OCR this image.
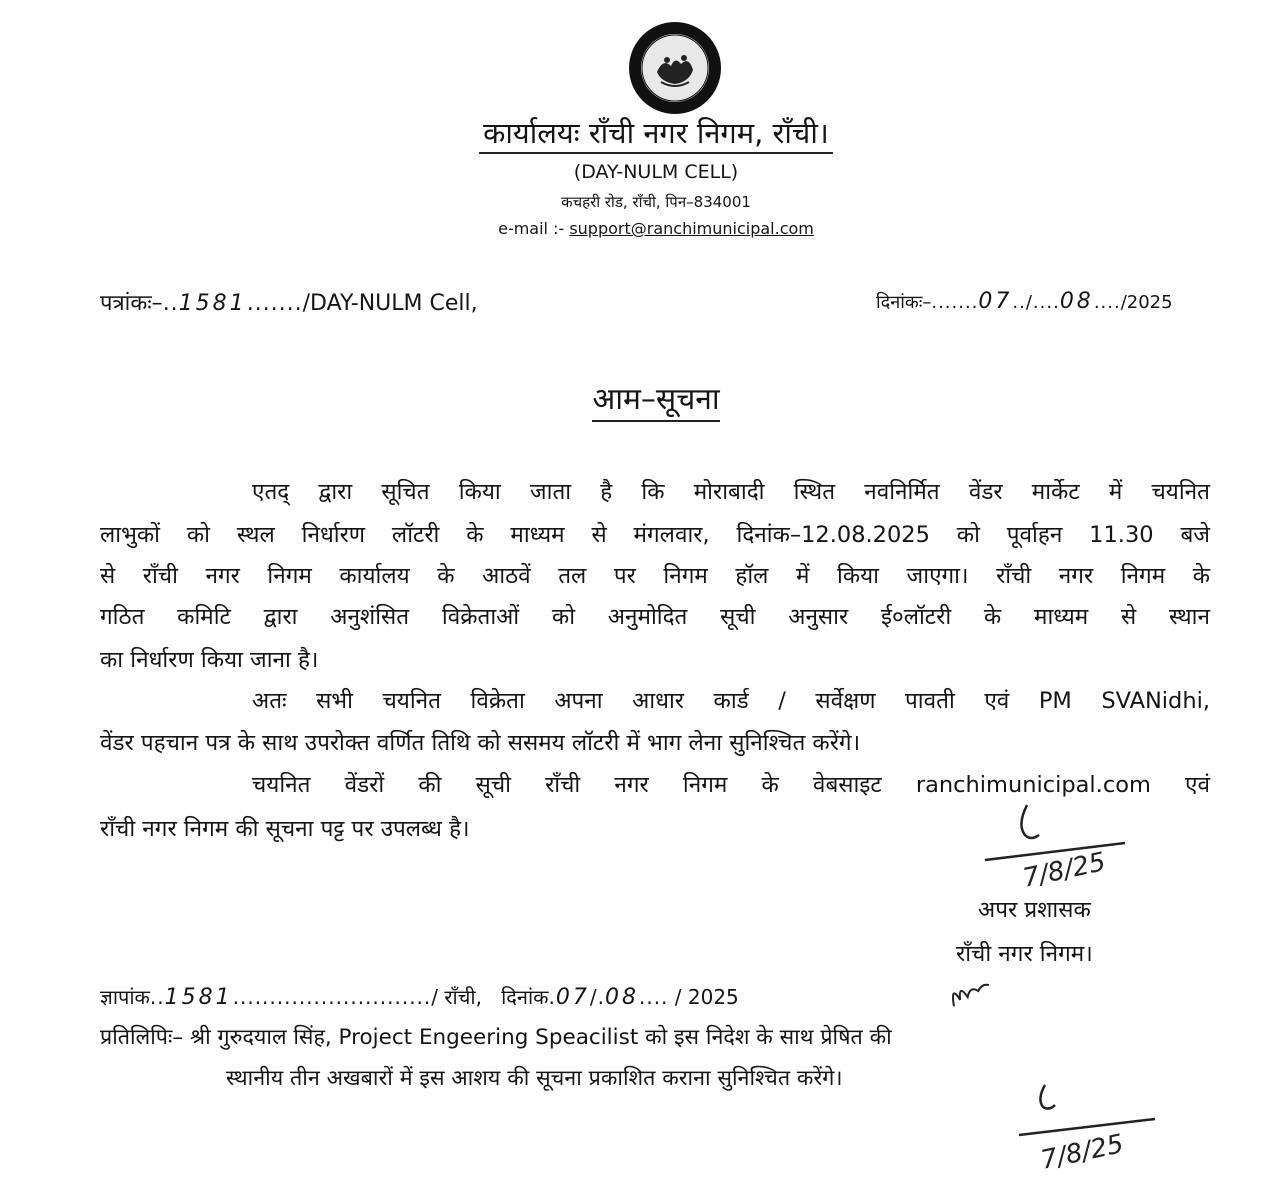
कार्यालयः राँची नगर निगम, राँची।
(DAY-NULM CELL)
कचहरी रोड, राँची, पिन–834001
e-mail :- support@ranchimunicipal.com
पत्रांकः–..1581......./DAY-NULM Cell,	दिनांकः–.......07../....08..../2025
आम–सूचना
एतद् द्वारा सूचित किया जाता है कि मोराबादी स्थित नवनिर्मित वेंडर मार्केट में चयनित
लाभुकों को स्थल निर्धारण लॉटरी के माध्यम से मंगलवार, दिनांक–12.08.2025 को पूर्वाहन 11.30 बजे
से राँची नगर निगम कार्यालय के आठवें तल पर निगम हॉल में किया जाएगा। राँची नगर निगम के
गठित कमिटि द्वारा अनुशंसित विक्रेताओं को अनुमोदित सूची अनुसार ई०लॉटरी के माध्यम से स्थान
का निर्धारण किया जाना है।
अतः सभी चयनित विक्रेता अपना आधार कार्ड / सर्वेक्षण पावती एवं PM SVANidhi,
वेंडर पहचान पत्र के साथ उपरोक्त वर्णित तिथि को ससमय लॉटरी में भाग लेना सुनिश्चित करेंगे।
चयनित वेंडरों की सूची राँची नगर निगम के वेबसाइट ranchimunicipal.com एवं
राँची नगर निगम की सूचना पट्ट पर उपलब्ध है।
7/8/25
अपर प्रशासक
राँची नगर निगम।
ज्ञापांक..1581.........................../ राँची, दिनांक.07/.08.... / 2025
प्रतिलिपिः– श्री गुरुदयाल सिंह, Project Engeering Speacilist को इस निदेश के साथ प्रेषित की
स्थानीय तीन अखबारों में इस आशय की सूचना प्रकाशित कराना सुनिश्चित करेंगे।
7/8/25
